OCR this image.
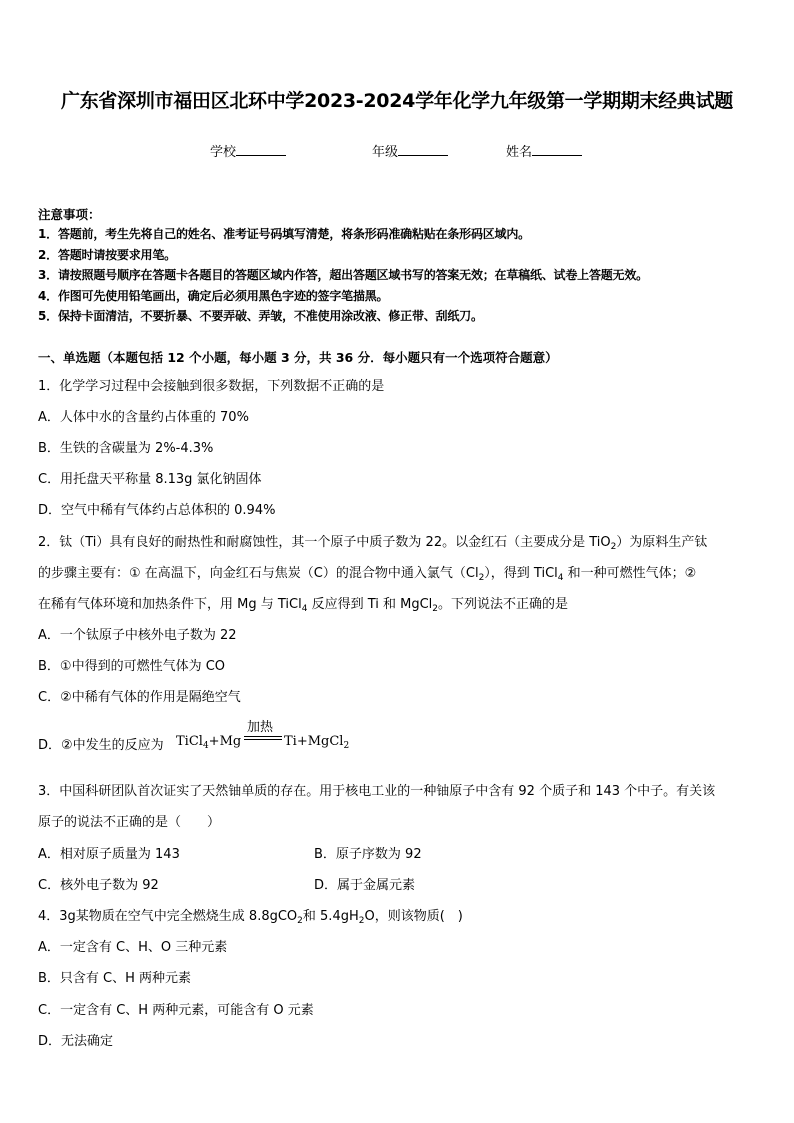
广东省深圳市福田区北环中学2023-2024学年化学九年级第一学期期末经典试题
学校	年级	姓名
注意事项：
1．答题前，考生先将自己的姓名、准考证号码填写清楚，将条形码准确粘贴在条形码区域内。
2．答题时请按要求用笔。
3．请按照题号顺序在答题卡各题目的答题区域内作答，超出答题区域书写的答案无效；在草稿纸、试卷上答题无效。
4．作图可先使用铅笔画出，确定后必须用黑色字迹的签字笔描黑。
5．保持卡面清洁，不要折暴、不要弄破、弄皱，不准使用涂改液、修正带、刮纸刀。
一、单选题（本题包括 12 个小题，每小题 3 分，共 36 分．每小题只有一个选项符合题意）
1．化学学习过程中会接触到很多数据，下列数据不正确的是
A．人体中水的含量约占体重的 70%
B．生铁的含碳量为 2%-4.3%
C．用托盘天平称量 8.13g 氯化钠固体
D．空气中稀有气体约占总体积的 0.94%
2．钛（Ti）具有良好的耐热性和耐腐蚀性，其一个原子中质子数为 22。以金红石（主要成分是 TiO$_2$）为原料生产钛
的步骤主要有：① 在高温下，向金红石与焦炭（C）的混合物中通入氯气$(Cl_2)$，得到 TiCl$_4$ 和一种可燃性气体；②
在稀有气体环境和加热条件下，用 Mg 与 TiCl$_4$ 反应得到 Ti 和 MgCl$_2$。下列说法不正确的是
A．一个钛原子中核外电子数为 22
B．①中得到的可燃性气体为 CO
C．②中稀有气体的作用是隔绝空气
D．②中发生的反应为 TiCl$_4$+Mg
加热
Ti+MgCl$_2$
3．中国科研团队首次证实了天然铀单质的存在。用于核电工业的一种铀原子中含有 92 个质子和 143 个中子。有关该
原子的说法不正确的是（　　）
A．相对原子质量为 143	B．原子序数为 92
C．核外电子数为 92	D．属于金属元素
4．3g某物质在空气中完全燃烧生成 8.8gCO$_2$和 $5.4gH_2O$，则该物质(　)
A．一定含有 C、H、O 三种元素
B．只含有 C、H 两种元素
C．一定含有 C、H 两种元素，可能含有 O 元素
D．无法确定
